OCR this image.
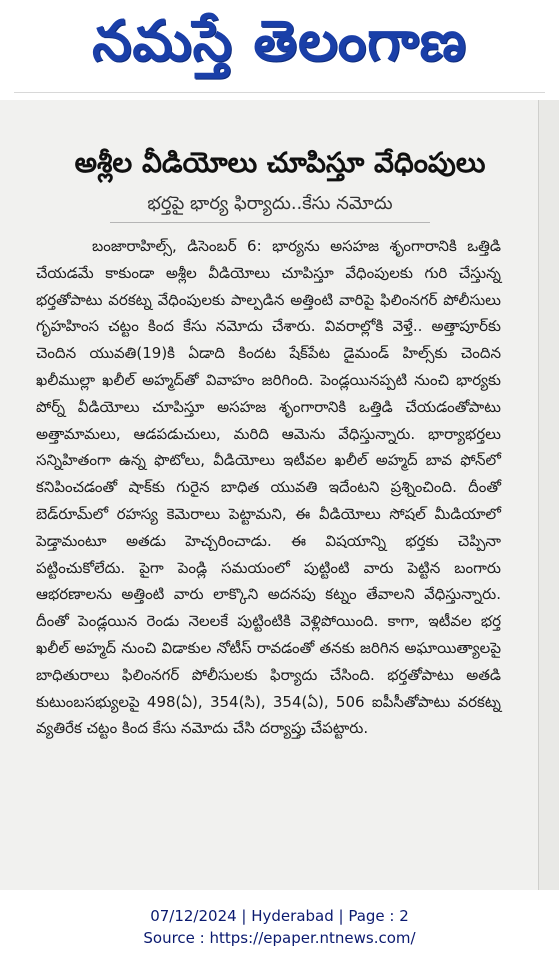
నమస్తే తెలంగాణ
అశ్లీల వీడియోలు చూపిస్తూ వేధింపులు
భర్తపై భార్య ఫిర్యాదు..కేసు నమోదు

బంజారాహిల్స్‌, డిసెంబర్‌ 6: భార్యను అసహజ శృంగారానికి ఒత్తిడి చేయడమే కాకుండా అశ్లీల వీడియోలు చూపిస్తూ వేధింపులకు గురి చేస్తున్న భర్తతోపాటు వరకట్న వేధింపులకు పాల్పడిన అత్తింటి వారిపై ఫిలింనగర్‌ పోలీసులు గృహహింస చట్టం కింద కేసు నమోదు చేశారు. వివరాల్లోకి వెళ్తే.. అత్తాపూర్‌కు చెందిన యువతి(19)కి ఏడాది కిందట షేక్‌పేట డైమండ్‌ హిల్స్‌కు చెందిన ఖలీముల్లా ఖలీల్‌ అహ్మద్‌తో వివాహం జరిగింది. పెండ్లయినప్పటి నుంచి భార్యకు పోర్న్‌ వీడియోలు చూపిస్తూ అసహజ శృంగారానికి ఒత్తిడి చేయడంతోపాటు అత్తామామలు, ఆడపడుచులు, మరిది ఆమెను వేధిస్తున్నారు. భార్యాభర్తలు సన్నిహితంగా ఉన్న ఫొటోలు, వీడియోలు ఇటీవల ఖలీల్‌ అహ్మద్‌ బావ ఫోన్‌లో కనిపించడంతో షాక్‌కు గురైన బాధిత యువతి ఇదేంటని ప్రశ్నించింది. దీంతో బెడ్‌రూమ్‌లో రహస్య కెమెరాలు పెట్టామని, ఈ వీడియోలు సోషల్‌ మీడియాలో పెడ్తామంటూ అతడు హెచ్చరించాడు. ఈ విషయాన్ని భర్తకు చెప్పినా పట్టించుకోలేదు. పైగా పెండ్లి సమయంలో పుట్టింటి వారు పెట్టిన బంగారు ఆభరణాలను అత్తింటి వారు లాక్కొని అదనపు కట్నం తేవాలని వేధిస్తున్నారు. దీంతో పెండ్లయిన రెండు నెలలకే పుట్టింటికి వెళ్లిపోయింది. కాగా, ఇటీవల భర్త ఖలీల్‌ అహ్మద్‌ నుంచి విడాకుల నోటీస్‌ రావడంతో తనకు జరిగిన అఘాయిత్యాలపై బాధితురాలు ఫిలింనగర్‌ పోలీసులకు ఫిర్యాదు చేసింది. భర్తతోపాటు అతడి కుటుంబసభ్యులపై 498(ఏ), 354(సి), 354(ఏ), 506 ఐపీసీతోపాటు వరకట్న వ్యతిరేక చట్టం కింద కేసు నమోదు చేసి దర్యాప్తు చేపట్టారు.

07/12/2024 | Hyderabad | Page : 2
Source : https://epaper.ntnews.com/
